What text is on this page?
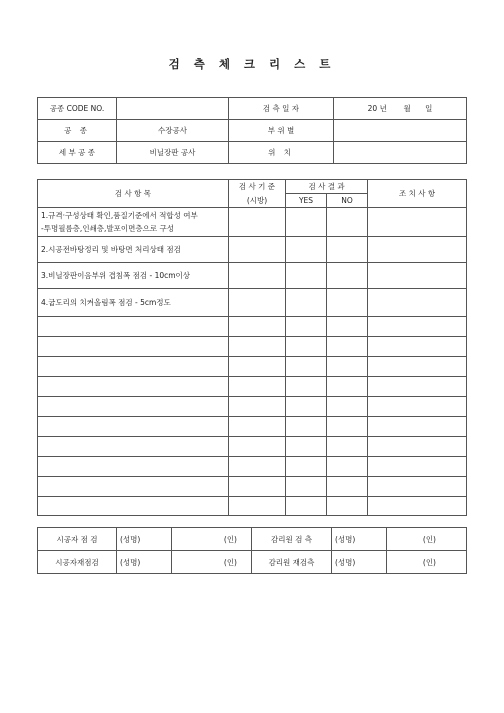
검 측 체 크 리 스 트
공종 CODE NO.		검 측 일 자	20 년 월 일
공 종	수장공사	부 위 별	
세 부 공 종	비닐장판 공사	위 치	
검 사 항 목	검 사 기 준	검 사 결 과		조 치 사 항
	(시방)	YES	NO	

1.규격·구성상태 확인,품질기준에서 적합성 여부
-투명필름층,인쇄층,발포이면층으로 구성				

2.시공전바탕정리 및 바탕면 처리상태 점검				
3.비닐장판이음부위 겹침폭 점검 - 10cm이상				
4.굽도리의 치켜올림폭 점검 - 5cm정도				

시공자 점 검	(성명)	(인)	감리원 검 측	(성명)	(인)
시공자재점검	(성명)	(인)	감리원 재검측	(성명)	(인)
